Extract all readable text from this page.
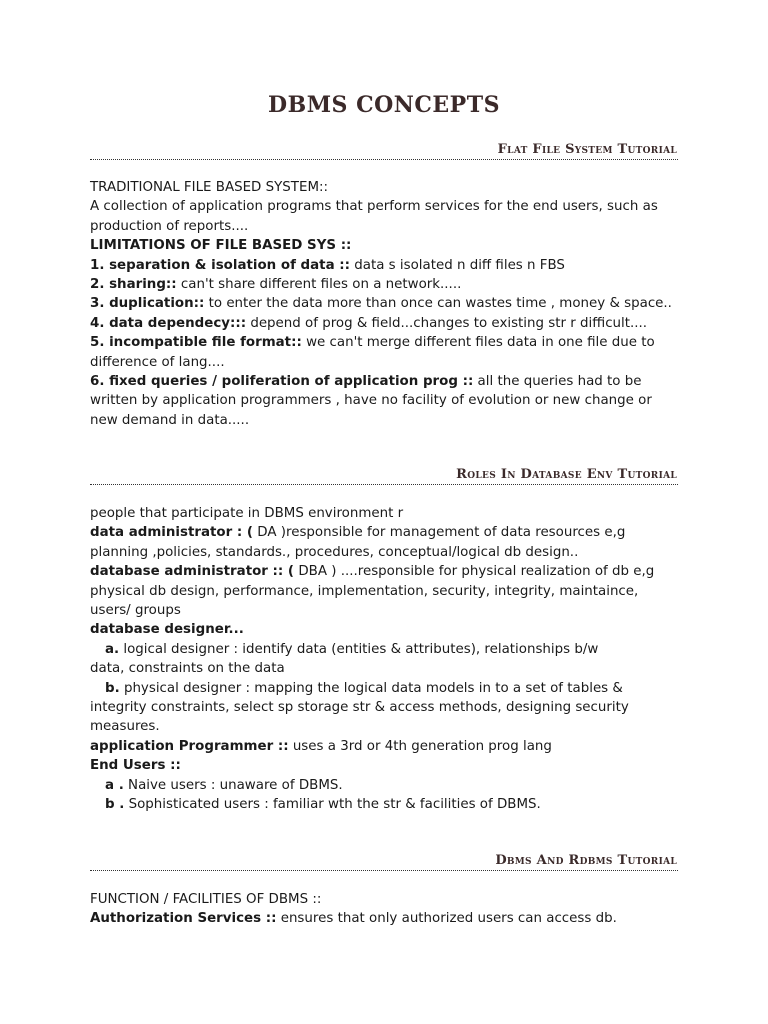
DBMS CONCEPTS
Flat File System Tutorial

TRADITIONAL FILE BASED SYSTEM::

A collection of application programs that perform services for the end users, such as

production of reports....

LIMITATIONS OF FILE BASED SYS ::

1. separation & isolation of data :: data s isolated n diff files n FBS

2. sharing:: can't share different files on a network.....

3. duplication:: to enter the data more than once can wastes time , money & space..

4. data dependecy::: depend of prog & field...changes to existing str r difficult....

5. incompatible file format:: we can't merge different files data in one file due to

difference of lang....

6. fixed queries / poliferation of application prog :: all the queries had to be

written by application programmers , have no facility of evolution or new change or

new demand in data.....

Roles In Database Env Tutorial

people that participate in DBMS environment r

data administrator : ( DA )responsible for management of data resources e,g

planning ,policies, standards., procedures, conceptual/logical db design..

database administrator :: ( DBA ) ....responsible for physical realization of db e,g

physical db design, performance, implementation, security, integrity, maintaince,

users/ groups

database designer...

a. logical designer : identify data (entities & attributes), relationships b/w

data, constraints on the data

b. physical designer : mapping the logical data models in to a set of tables &

integrity constraints, select sp storage str & access methods, designing security

measures.

application Programmer :: uses a 3rd or 4th generation prog lang

End Users ::

a . Naive users : unaware of DBMS.

b . Sophisticated users : familiar wth the str & facilities of DBMS.

Dbms And Rdbms Tutorial

FUNCTION / FACILITIES OF DBMS ::

Authorization Services :: ensures that only authorized users can access db.
